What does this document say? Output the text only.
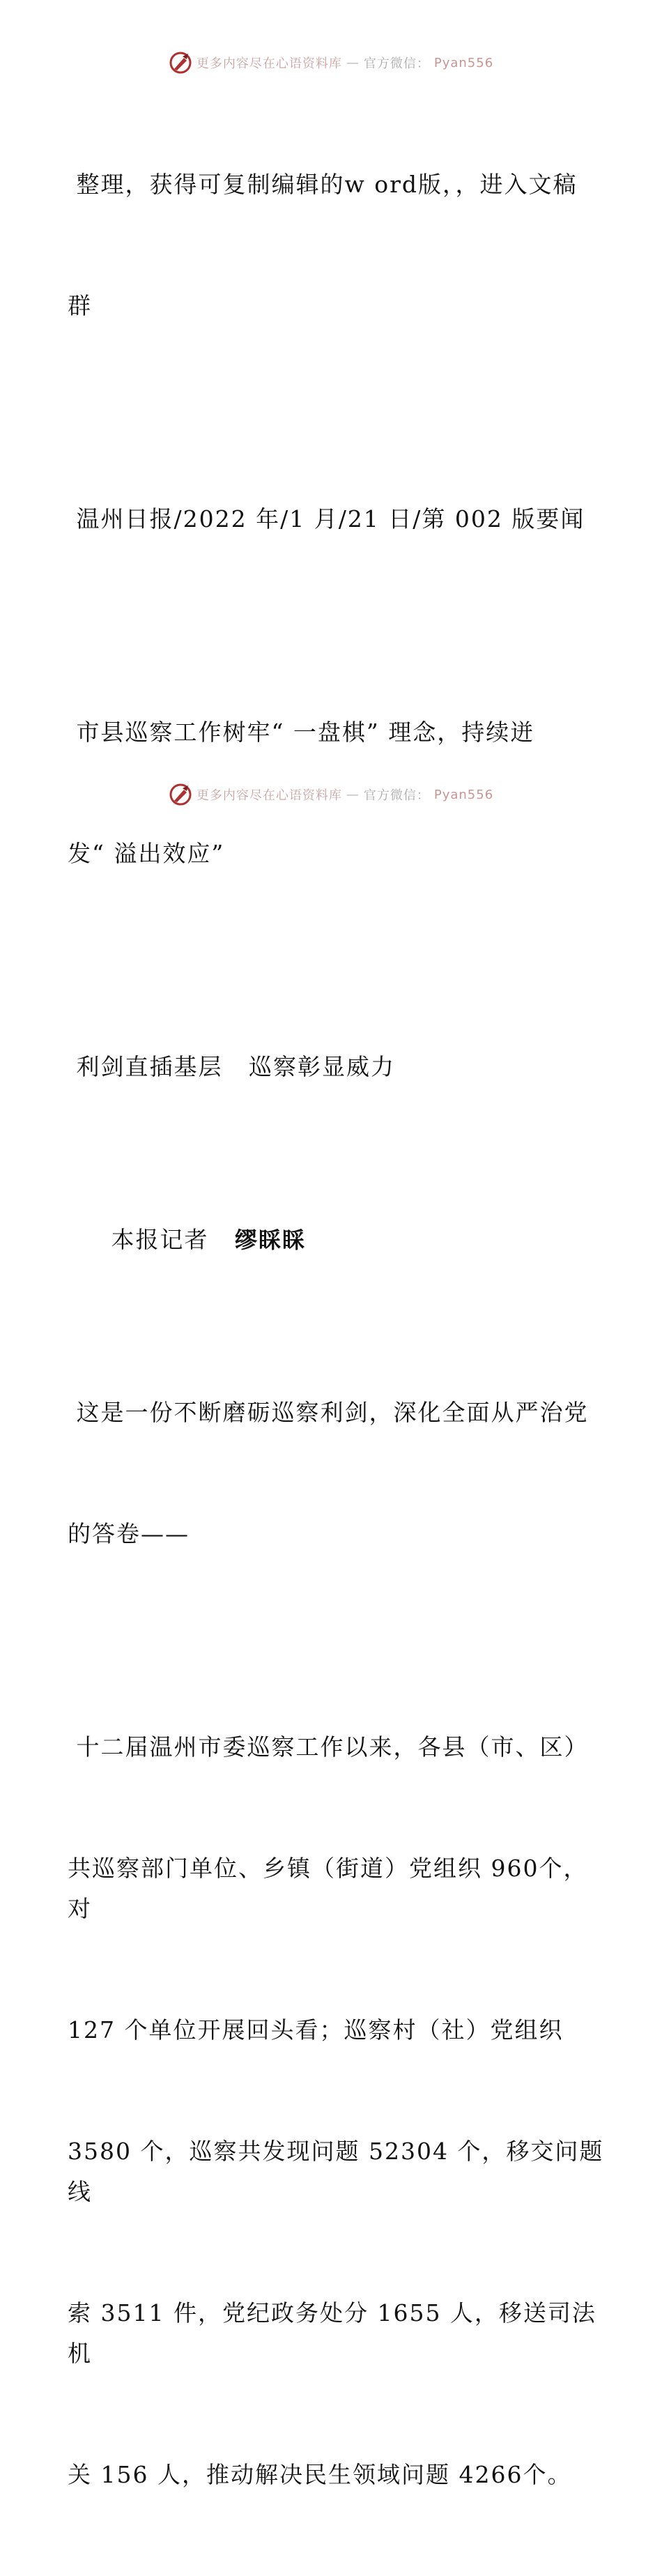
更多内容尽在心语资料库 — 官方微信： Pyan556

整理，获得可复制编辑的w ord版，，进入文稿

群

温州日报/2022 年/1 月/21 日/第 002 版要闻

市县巡察工作树牢“ 一盘棋” 理念，持续迸

发“ 溢出效应”

利剑直插基层   巡察彰显威力

本报记者   缪睬睬

这是一份不断磨砺巡察利剑，深化全面从严治党

的答卷——

十二届温州市委巡察工作以来，各县（市、区）

共巡察部门单位、乡镇（街道）党组织 960个，对

127 个单位开展回头看；巡察村（社）党组织

3580 个，巡察共发现问题 52304 个，移交问题线

索 3511 件，党纪政务处分 1655 人，移送司法机

关 156 人，推动解决民生领域问题 4266个。

更多内容尽在心语资料库 — 官方微信： Pyan556
